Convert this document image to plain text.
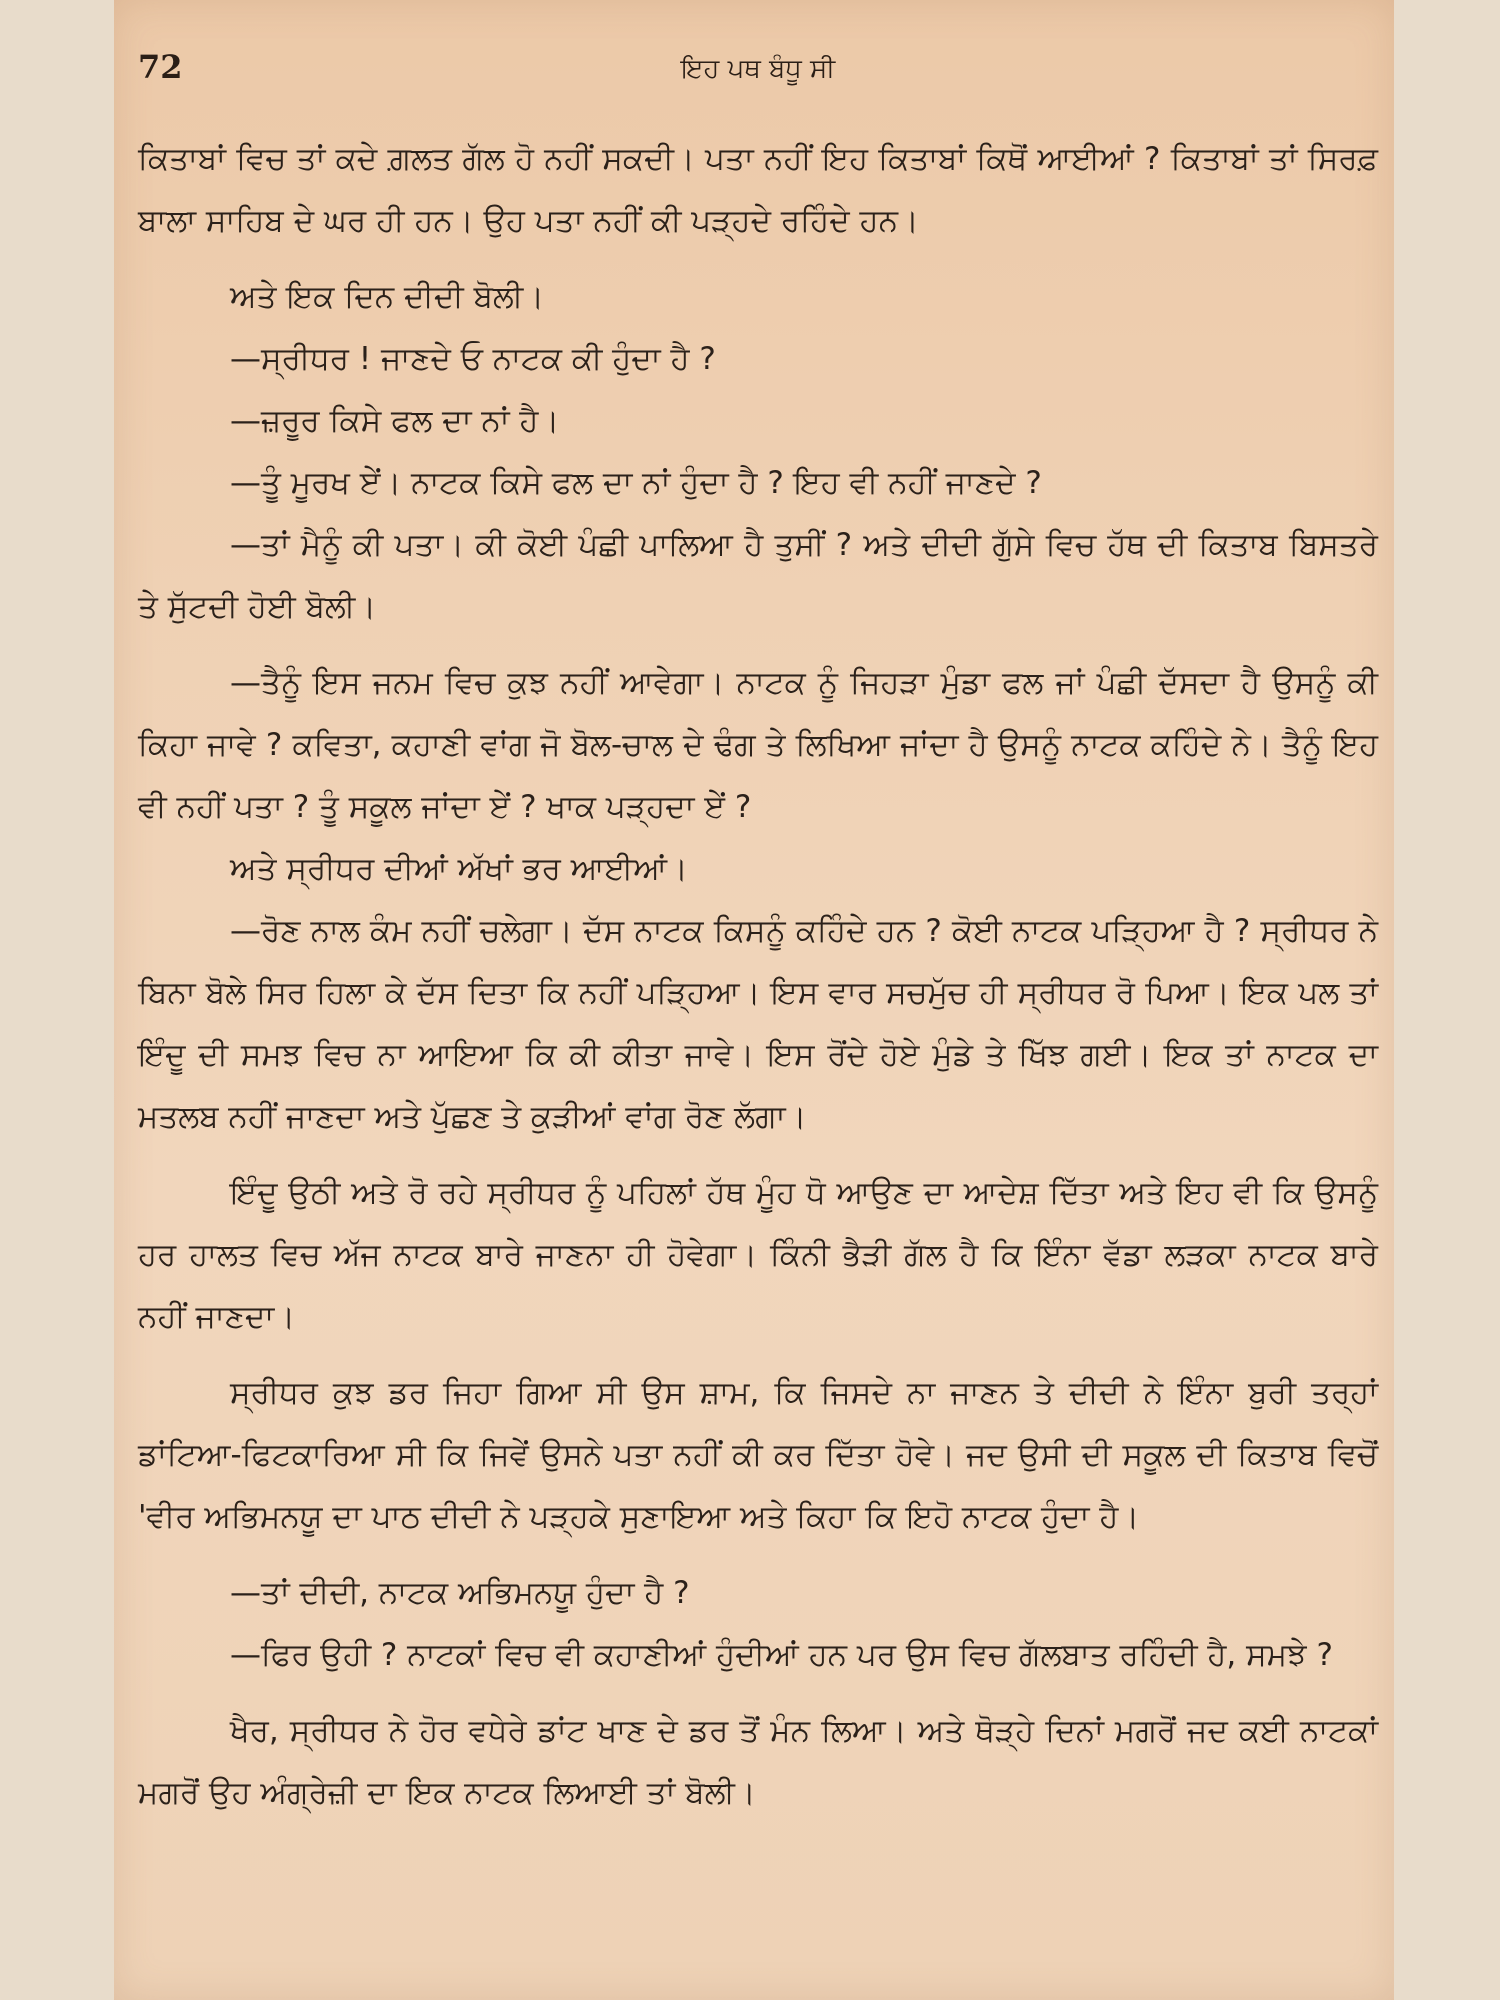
72	ਇਹ ਪਥ ਬੰਧੂ ਸੀ

ਕਿਤਾਬਾਂ ਵਿਚ ਤਾਂ ਕਦੇ ਗ਼ਲਤ ਗੱਲ ਹੋ ਨਹੀਂ ਸਕਦੀ। ਪਤਾ ਨਹੀਂ ਇਹ ਕਿਤਾਬਾਂ ਕਿਥੋਂ ਆਈਆਂ ? ਕਿਤਾਬਾਂ ਤਾਂ ਸਿਰਫ਼ ਬਾਲਾ ਸਾਹਿਬ ਦੇ ਘਰ ਹੀ ਹਨ। ਉਹ ਪਤਾ ਨਹੀਂ ਕੀ ਪੜ੍ਹਦੇ ਰਹਿੰਦੇ ਹਨ।

ਅਤੇ ਇਕ ਦਿਨ ਦੀਦੀ ਬੋਲੀ।

—ਸ੍ਰੀਧਰ ! ਜਾਣਦੇ ਓ ਨਾਟਕ ਕੀ ਹੁੰਦਾ ਹੈ ?

—ਜ਼ਰੂਰ ਕਿਸੇ ਫਲ ਦਾ ਨਾਂ ਹੈ।

—ਤੂੰ ਮੂਰਖ ਏਂ। ਨਾਟਕ ਕਿਸੇ ਫਲ ਦਾ ਨਾਂ ਹੁੰਦਾ ਹੈ ? ਇਹ ਵੀ ਨਹੀਂ ਜਾਣਦੇ ?

—ਤਾਂ ਮੈਨੂੰ ਕੀ ਪਤਾ। ਕੀ ਕੋਈ ਪੰਛੀ ਪਾਲਿਆ ਹੈ ਤੁਸੀਂ ? ਅਤੇ ਦੀਦੀ ਗੁੱਸੇ ਵਿਚ ਹੱਥ ਦੀ ਕਿਤਾਬ ਬਿਸਤਰੇ ਤੇ ਸੁੱਟਦੀ ਹੋਈ ਬੋਲੀ।

—ਤੈਨੂੰ ਇਸ ਜਨਮ ਵਿਚ ਕੁਝ ਨਹੀਂ ਆਵੇਗਾ। ਨਾਟਕ ਨੂੰ ਜਿਹੜਾ ਮੁੰਡਾ ਫਲ ਜਾਂ ਪੰਛੀ ਦੱਸਦਾ ਹੈ ਉਸਨੂੰ ਕੀ ਕਿਹਾ ਜਾਵੇ ? ਕਵਿਤਾ, ਕਹਾਣੀ ਵਾਂਗ ਜੋ ਬੋਲ-ਚਾਲ ਦੇ ਢੰਗ ਤੇ ਲਿਖਿਆ ਜਾਂਦਾ ਹੈ ਉਸਨੂੰ ਨਾਟਕ ਕਹਿੰਦੇ ਨੇ। ਤੈਨੂੰ ਇਹ ਵੀ ਨਹੀਂ ਪਤਾ ? ਤੂੰ ਸਕੂਲ ਜਾਂਦਾ ਏਂ ? ਖਾਕ ਪੜ੍ਹਦਾ ਏਂ ?

ਅਤੇ ਸ੍ਰੀਧਰ ਦੀਆਂ ਅੱਖਾਂ ਭਰ ਆਈਆਂ।

—ਰੋਣ ਨਾਲ ਕੰਮ ਨਹੀਂ ਚਲੇਗਾ। ਦੱਸ ਨਾਟਕ ਕਿਸਨੂੰ ਕਹਿੰਦੇ ਹਨ ? ਕੋਈ ਨਾਟਕ ਪੜ੍ਹਿਆ ਹੈ ? ਸ੍ਰੀਧਰ ਨੇ ਬਿਨਾ ਬੋਲੇ ਸਿਰ ਹਿਲਾ ਕੇ ਦੱਸ ਦਿਤਾ ਕਿ ਨਹੀਂ ਪੜ੍ਹਿਆ। ਇਸ ਵਾਰ ਸਚਮੁੱਚ ਹੀ ਸ੍ਰੀਧਰ ਰੋ ਪਿਆ। ਇਕ ਪਲ ਤਾਂ ਇੰਦੂ ਦੀ ਸਮਝ ਵਿਚ ਨਾ ਆਇਆ ਕਿ ਕੀ ਕੀਤਾ ਜਾਵੇ। ਇਸ ਰੋਂਦੇ ਹੋਏ ਮੁੰਡੇ ਤੇ ਖਿੱਝ ਗਈ। ਇਕ ਤਾਂ ਨਾਟਕ ਦਾ ਮਤਲਬ ਨਹੀਂ ਜਾਣਦਾ ਅਤੇ ਪੁੱਛਣ ਤੇ ਕੁੜੀਆਂ ਵਾਂਗ ਰੋਣ ਲੱਗਾ।

ਇੰਦੂ ਉਠੀ ਅਤੇ ਰੋ ਰਹੇ ਸ੍ਰੀਧਰ ਨੂੰ ਪਹਿਲਾਂ ਹੱਥ ਮੂੰਹ ਧੋ ਆਉਣ ਦਾ ਆਦੇਸ਼ ਦਿੱਤਾ ਅਤੇ ਇਹ ਵੀ ਕਿ ਉਸਨੂੰ ਹਰ ਹਾਲਤ ਵਿਚ ਅੱਜ ਨਾਟਕ ਬਾਰੇ ਜਾਣਨਾ ਹੀ ਹੋਵੇਗਾ। ਕਿੰਨੀ ਭੈੜੀ ਗੱਲ ਹੈ ਕਿ ਇੰਨਾ ਵੱਡਾ ਲੜਕਾ ਨਾਟਕ ਬਾਰੇ ਨਹੀਂ ਜਾਣਦਾ।

ਸ੍ਰੀਧਰ ਕੁਝ ਡਰ ਜਿਹਾ ਗਿਆ ਸੀ ਉਸ ਸ਼ਾਮ, ਕਿ ਜਿਸਦੇ ਨਾ ਜਾਣਨ ਤੇ ਦੀਦੀ ਨੇ ਇੰਨਾ ਬੁਰੀ ਤਰ੍ਹਾਂ ਡਾਂਟਿਆ-ਫਿਟਕਾਰਿਆ ਸੀ ਕਿ ਜਿਵੇਂ ਉਸਨੇ ਪਤਾ ਨਹੀਂ ਕੀ ਕਰ ਦਿੱਤਾ ਹੋਵੇ। ਜਦ ਉਸੀ ਦੀ ਸਕੂਲ ਦੀ ਕਿਤਾਬ ਵਿਚੋਂ 'ਵੀਰ ਅਭਿਮਨਯੂ ਦਾ ਪਾਠ ਦੀਦੀ ਨੇ ਪੜ੍ਹਕੇ ਸੁਣਾਇਆ ਅਤੇ ਕਿਹਾ ਕਿ ਇਹੋ ਨਾਟਕ ਹੁੰਦਾ ਹੈ।

—ਤਾਂ ਦੀਦੀ, ਨਾਟਕ ਅਭਿਮਨਯੂ ਹੁੰਦਾ ਹੈ ?

—ਫਿਰ ਉਹੀ ? ਨਾਟਕਾਂ ਵਿਚ ਵੀ ਕਹਾਣੀਆਂ ਹੁੰਦੀਆਂ ਹਨ ਪਰ ਉਸ ਵਿਚ ਗੱਲਬਾਤ ਰਹਿੰਦੀ ਹੈ, ਸਮਝੇ ?

ਖੈਰ, ਸ੍ਰੀਧਰ ਨੇ ਹੋਰ ਵਧੇਰੇ ਡਾਂਟ ਖਾਣ ਦੇ ਡਰ ਤੋਂ ਮੰਨ ਲਿਆ। ਅਤੇ ਥੋੜ੍ਹੇ ਦਿਨਾਂ ਮਗਰੋਂ ਜਦ ਕਈ ਨਾਟਕਾਂ ਮਗਰੋਂ ਉਹ ਅੰਗ੍ਰੇਜ਼ੀ ਦਾ ਇਕ ਨਾਟਕ ਲਿਆਈ ਤਾਂ ਬੋਲੀ।
